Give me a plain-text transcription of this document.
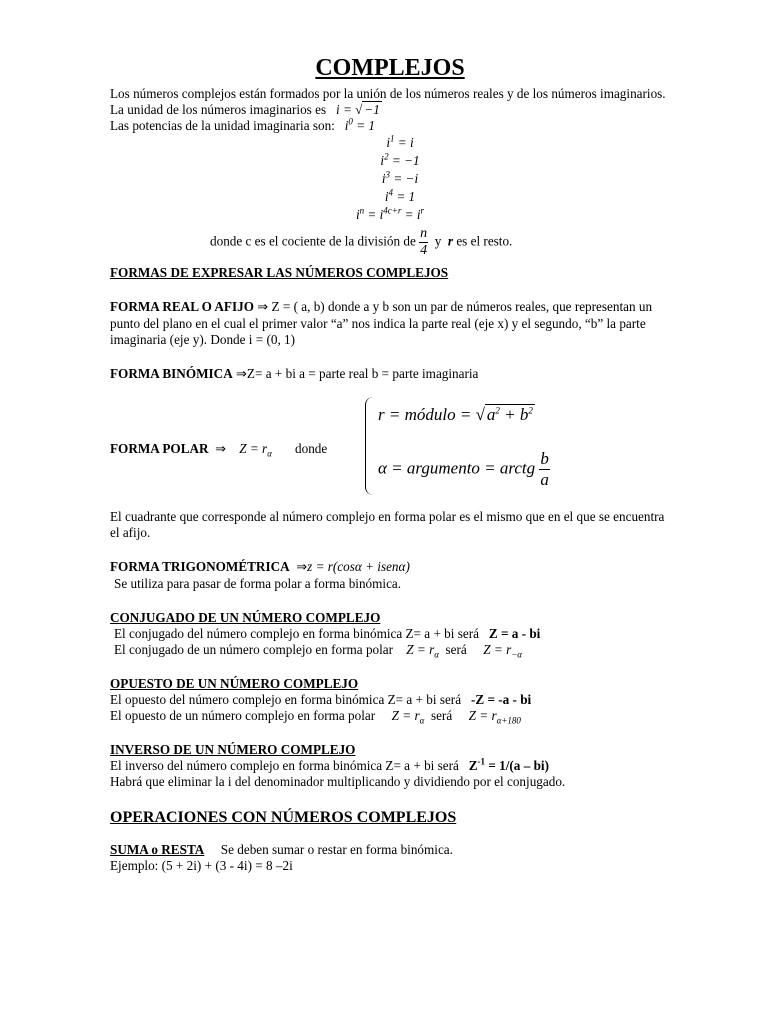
COMPLEJOS

Los números complejos están formados por la unión de los números reales y de los números imaginarios.

La unidad de los números imaginarios es i = √ −1

Las potencias de la unidad imaginaria son: $i^0 = 1$

$i^1 = i$
$i^2 = -1$
$i^3 = -i$
$i^4 = 1$
$i^n = i^{4c+r} = i^r$

donde c es el cociente de la división de $\frac{n}{4}$ y r es el resto.

FORMAS DE EXPRESAR LAS NÚMEROS COMPLEJOS

FORMA REAL O AFIJO ⇒ Z = ( a, b) donde a y b son un par de números reales, que representan un punto del plano en el cual el primer valor “a” nos indica la parte real (eje x) y el segundo, “b” la parte imaginaria (eje y). Donde i = (0, 1)

FORMA BINÓMICA ⇒Z= a + bi a = parte real b = parte imaginaria

FORMA POLAR ⇒ $Z = r_\alpha$ donde
r = módulo = √ $a^2 + b^2$
α = argumento = arctg $\frac{b}{a}$

El cuadrante que corresponde al número complejo en forma polar es el mismo que en el que se encuentra el afijo.

FORMA TRIGONOMÉTRICA ⇒z = r(cosα + isenα)

Se utiliza para pasar de forma polar a forma binómica.

CONJUGADO DE UN NÚMERO COMPLEJO

El conjugado del número complejo en forma binómica Z= a + bi será Z = a - bi

El conjugado de un número complejo en forma polar $Z = r_\alpha$ será $Z = r_{-\alpha}$

OPUESTO DE UN NÚMERO COMPLEJO

El opuesto del número complejo en forma binómica Z= a + bi será -Z = -a - bi

El opuesto de un número complejo en forma polar $Z = r_\alpha$ será $Z = r_{\alpha+180}$

INVERSO DE UN NÚMERO COMPLEJO

El inverso del número complejo en forma binómica Z= a + bi será $Z^{-1} = 1/(a - bi)$

Habrá que eliminar la i del denominador multiplicando y dividiendo por el conjugado.

OPERACIONES CON NÚMEROS COMPLEJOS

SUMA o RESTA Se deben sumar o restar en forma binómica.

Ejemplo: (5 + 2i) + (3 - 4i) = 8 –2i
